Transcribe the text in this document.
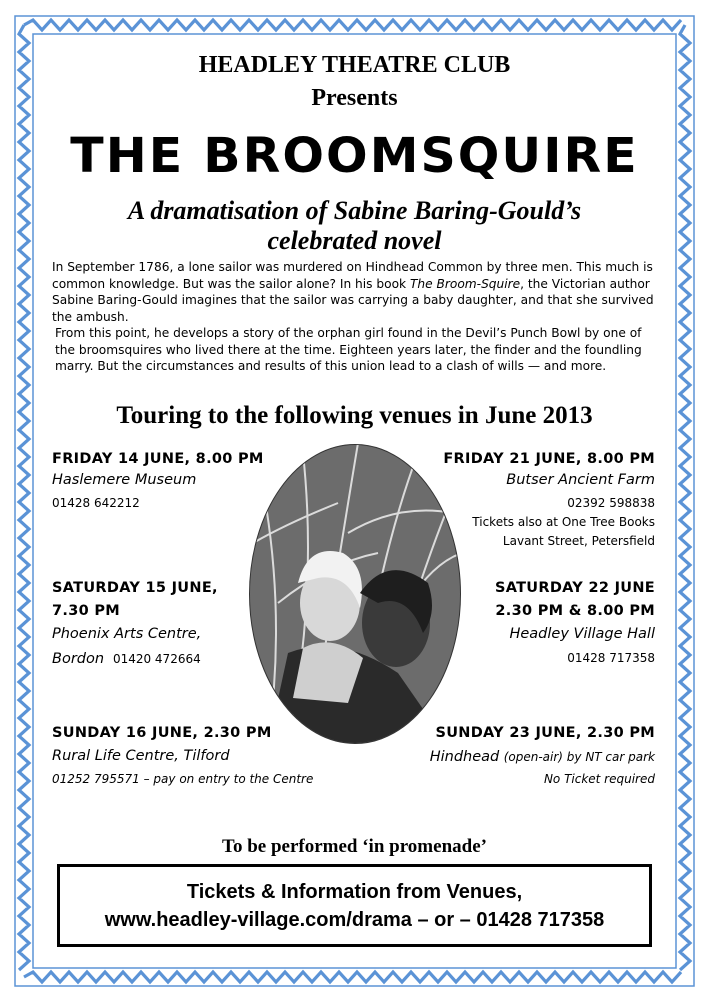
HEADLEY THEATRE CLUB
Presents
THE BROOMSQUIRE
A dramatisation of Sabine Baring-Gould’s
celebrated novel

In September 1786, a lone sailor was murdered on Hindhead Common by three men. This much is common knowledge. But was the sailor alone? In his book The Broom-Squire, the Victorian author Sabine Baring-Gould imagines that the sailor was carrying a baby daughter, and that she survived the ambush.

From this point, he develops a story of the orphan girl found in the Devil’s Punch Bowl by one of the broomsquires who lived there at the time. Eighteen years later, the finder and the foundling marry. But the circumstances and results of this union lead to a clash of wills — and more.

Touring to the following venues in June 2013
FRIDAY 14 JUNE, 8.00 PM
Haslemere Museum
01428 642212
SATURDAY 15 JUNE,
7.30 PM
Phoenix Arts Centre,
Bordon 01420 472664
SUNDAY 16 JUNE, 2.30 PM
Rural Life Centre, Tilford
01252 795571 – pay on entry to the Centre
FRIDAY 21 JUNE, 8.00 PM
Butser Ancient Farm
02392 598838
Tickets also at One Tree Books
Lavant Street, Petersfield
SATURDAY 22 JUNE
2.30 PM & 8.00 PM
Headley Village Hall
01428 717358
SUNDAY 23 JUNE, 2.30 PM
Hindhead (open-air) by NT car park
No Ticket required
To be performed ‘in promenade’
Tickets & Information from Venues,
www.headley-village.com/drama – or – 01428 717358
